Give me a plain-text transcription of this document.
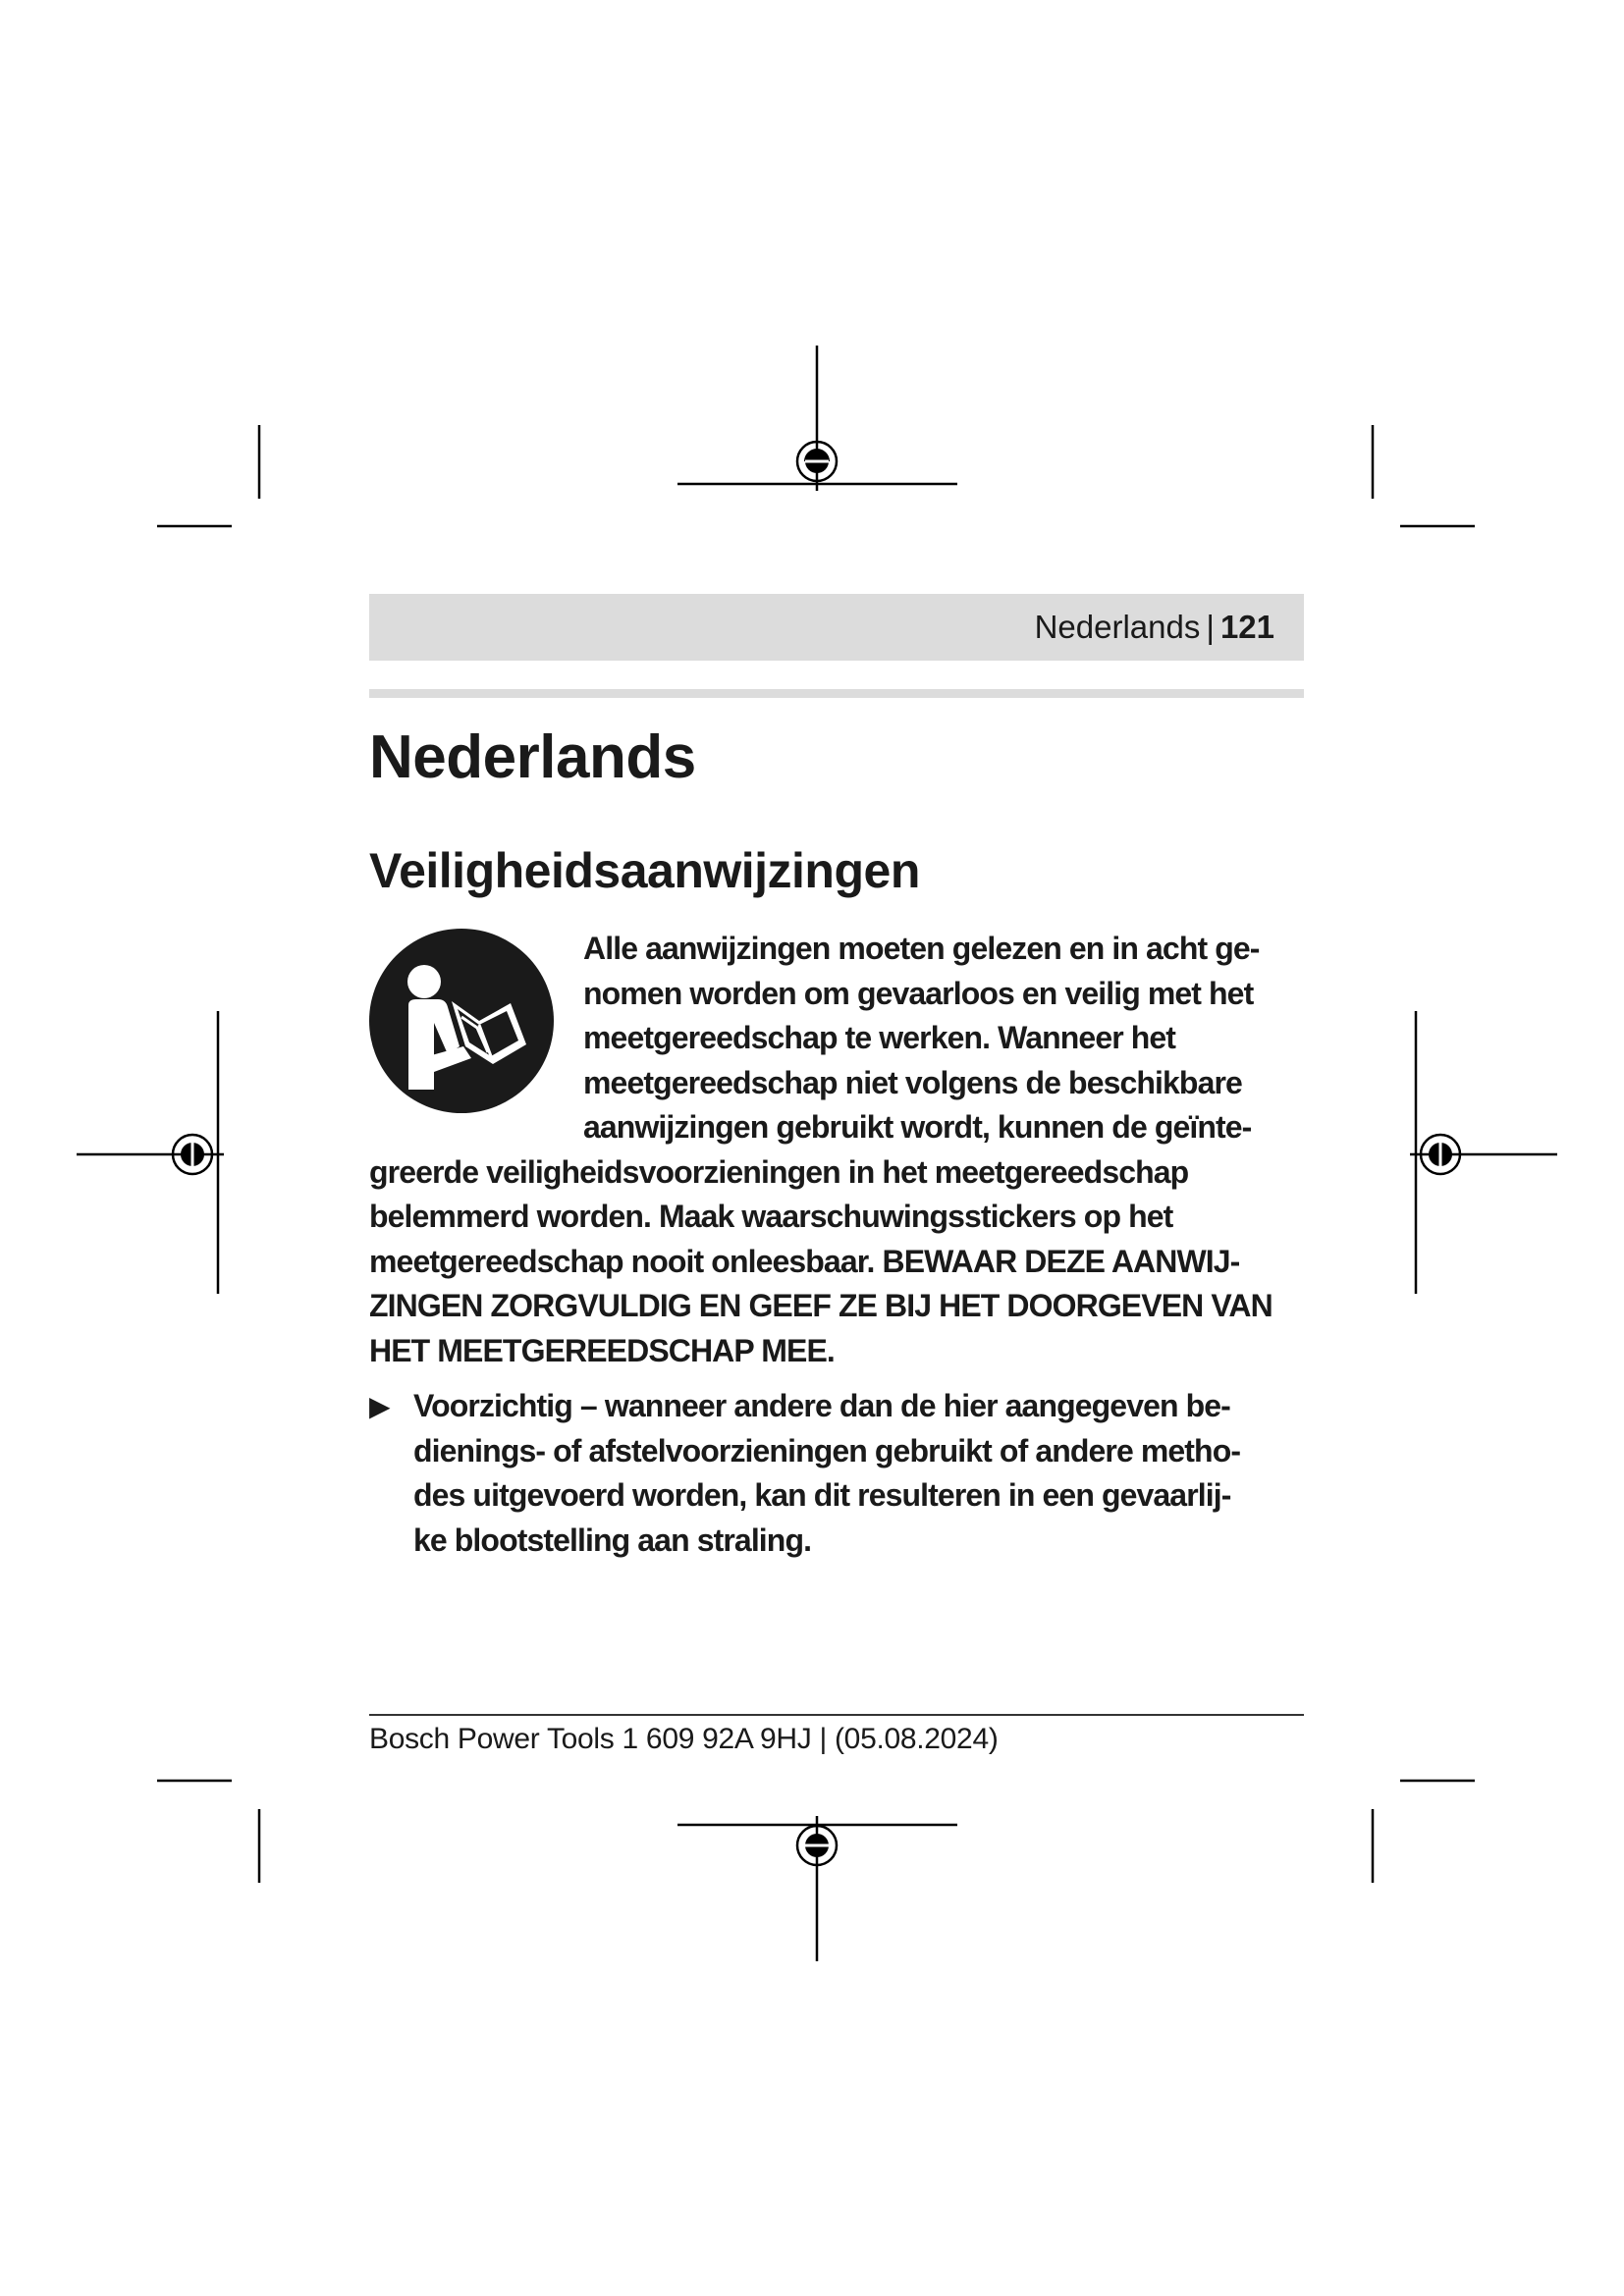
Nederlands | 121
Nederlands
Veiligheidsaanwijzingen
Alle aanwijzingen moeten gelezen en in acht ge-
nomen worden om gevaarloos en veilig met het
meetgereedschap te werken. Wanneer het
meetgereedschap niet volgens de beschikbare
aanwijzingen gebruikt wordt, kunnen de geïnte-
greerde veiligheidsvoorzieningen in het meetgereedschap
belemmerd worden. Maak waarschuwingsstickers op het
meetgereedschap nooit onleesbaar. BEWAAR DEZE AANWIJ-
ZINGEN ZORGVULDIG EN GEEF ZE BIJ HET DOORGEVEN VAN
HET MEETGEREEDSCHAP MEE.
▶ Voorzichtig – wanneer andere dan de hier aangegeven be-
dienings- of afstelvoorzieningen gebruikt of andere metho-
des uitgevoerd worden, kan dit resulteren in een gevaarlij-
ke blootstelling aan straling.
Bosch Power Tools 1 609 92A 9HJ | (05.08.2024)
